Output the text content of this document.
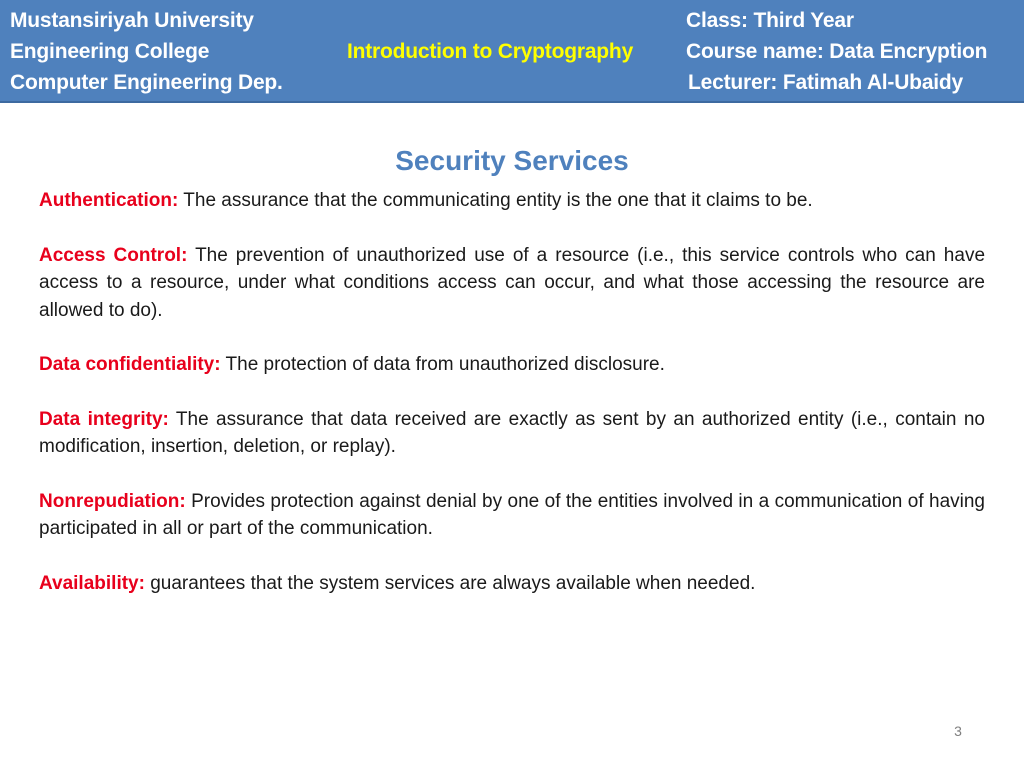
Mustansiriyah University
Engineering College
Computer Engineering Dep.
Introduction to Cryptography
Class: Third Year
Course name: Data Encryption
Lecturer: Fatimah Al-Ubaidy
Security Services

Authentication: The assurance that the communicating entity is the one that it claims to be.

Access Control: The prevention of unauthorized use of a resource (i.e., this service controls who can have access to a resource, under what conditions access can occur, and what those accessing the resource are allowed to do).

Data confidentiality: The protection of data from unauthorized disclosure.

Data integrity: The assurance that data received are exactly as sent by an authorized entity (i.e., contain no modification, insertion, deletion, or replay).

Nonrepudiation: Provides protection against denial by one of the entities involved in a communication of having participated in all or part of the communication.

Availability: guarantees that the system services are always available when needed.

3
